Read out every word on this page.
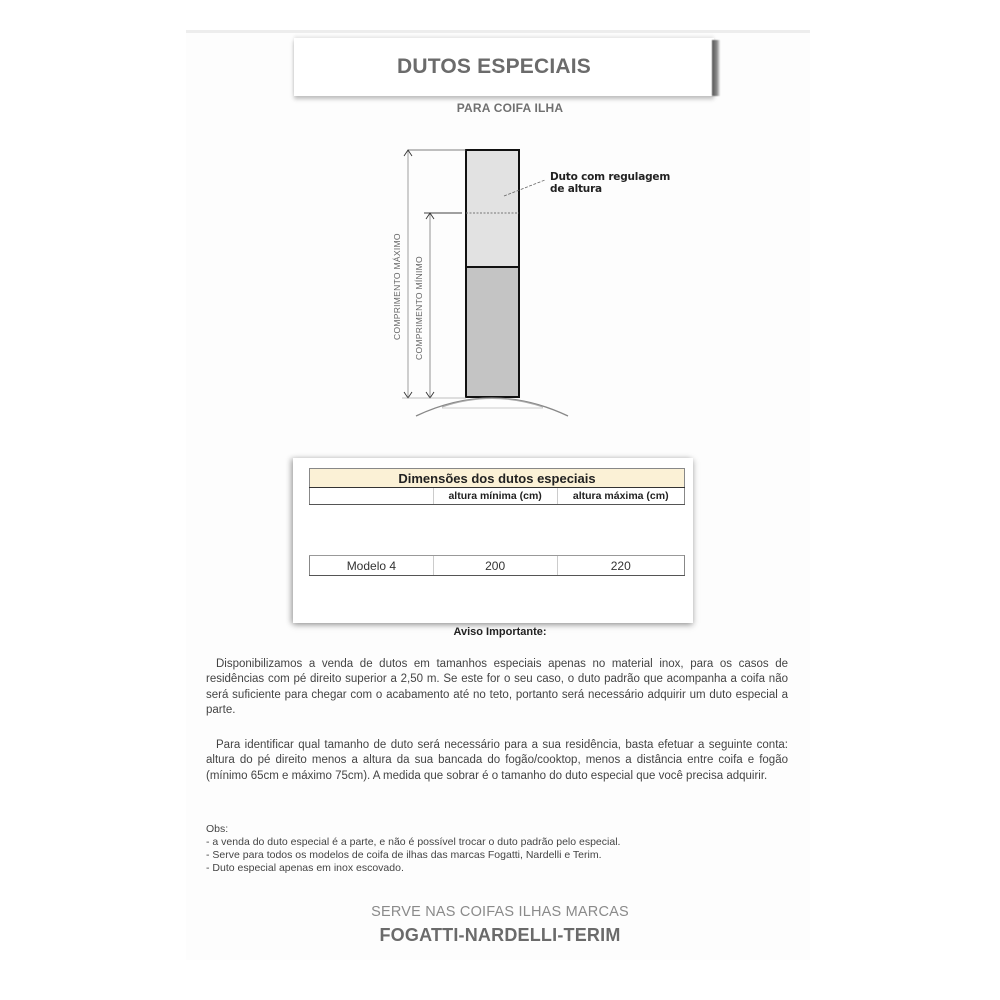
DUTOS ESPECIAIS
PARA COIFA ILHA
Duto com regulagem
de altura
COMPRIMENTO MÁXIMO COMPRIMENTO MÍNIMO
Dimensões dos dutos especiais
	altura mínima (cm)	altura máxima (cm)
Modelo 4	200	220
Aviso Importante:

Disponibilizamos a venda de dutos em tamanhos especiais apenas no material inox, para os casos de residências com pé direito superior a 2,50 m. Se este for o seu caso, o duto padrão que acompanha a coifa não será suficiente para chegar com o acabamento até no teto, portanto será necessário adquirir um duto especial a parte.

Para identificar qual tamanho de duto será necessário para a sua residência, basta efetuar a seguinte conta: altura do pé direito menos a altura da sua bancada do fogão/cooktop, menos a distância entre coifa e fogão (mínimo 65cm e máximo 75cm). A medida que sobrar é o tamanho do duto especial que você precisa adquirir.

Obs:
- a venda do duto especial é a parte, e não é possível trocar o duto padrão pelo especial.
- Serve para todos os modelos de coifa de ilhas das marcas Fogatti, Nardelli e Terim.
- Duto especial apenas em inox escovado.
SERVE NAS COIFAS ILHAS MARCAS
FOGATTI-NARDELLI-TERIM
